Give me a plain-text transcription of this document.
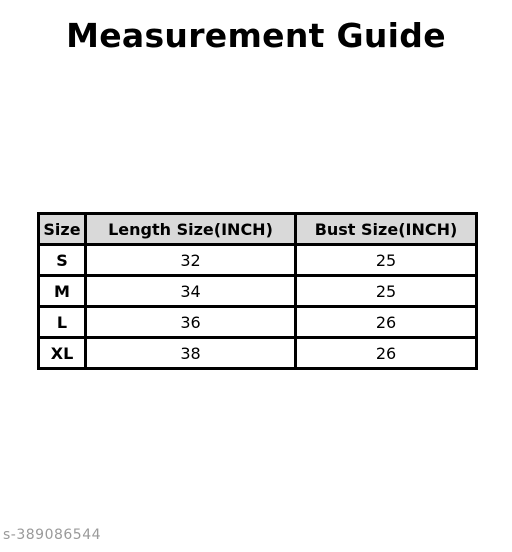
Measurement Guide
Size	Length Size(INCH)	Bust Size(INCH)
S	32	25
M	34	25
L	36	26
XL	38	26
s-389086544
